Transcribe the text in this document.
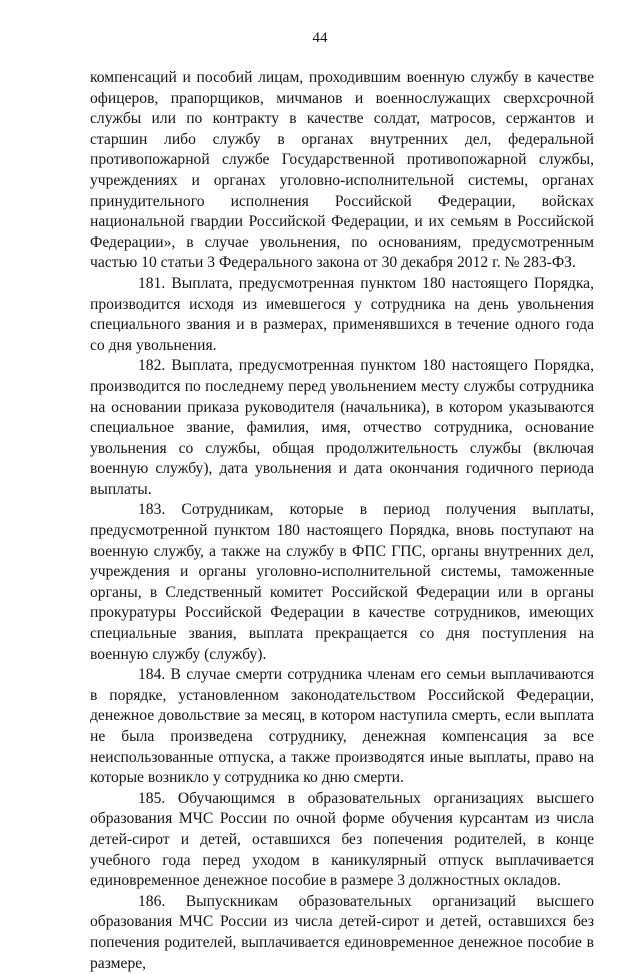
44

компенсаций и пособий лицам, проходившим военную службу в качестве офицеров, прапорщиков, мичманов и военнослужащих сверхсрочной службы или по контракту в качестве солдат, матросов, сержантов и старшин либо службу в органах внутренних дел, федеральной противопожарной службе Государственной противопожарной службы, учреждениях и органах уголовно-исполнительной системы, органах принудительного исполнения Российской Федерации, войсках национальной гвардии Российской Федерации, и их семьям в Российской Федерации», в случае увольнения, по основаниям, предусмотренным частью 10 статьи 3 Федерального закона от 30 декабря 2012 г. № 283-ФЗ.

181. Выплата, предусмотренная пунктом 180 настоящего Порядка, производится исходя из имевшегося у сотрудника на день увольнения специального звания и в размерах, применявшихся в течение одного года со дня увольнения.

182. Выплата, предусмотренная пунктом 180 настоящего Порядка, производится по последнему перед увольнением месту службы сотрудника на основании приказа руководителя (начальника), в котором указываются специальное звание, фамилия, имя, отчество сотрудника, основание увольнения со службы, общая продолжительность службы (включая военную службу), дата увольнения и дата окончания годичного периода выплаты.

183. Сотрудникам, которые в период получения выплаты, предусмотренной пунктом 180 настоящего Порядка, вновь поступают на военную службу, а также на службу в ФПС ГПС, органы внутренних дел, учреждения и органы уголовно-исполнительной системы, таможенные органы, в Следственный комитет Российской Федерации или в органы прокуратуры Российской Федерации в качестве сотрудников, имеющих специальные звания, выплата прекращается со дня поступления на военную службу (службу).

184. В случае смерти сотрудника членам его семьи выплачиваются в порядке, установленном законодательством Российской Федерации, денежное довольствие за месяц, в котором наступила смерть, если выплата не была произведена сотруднику, денежная компенсация за все неиспользованные отпуска, а также производятся иные выплаты, право на которые возникло у сотрудника ко дню смерти.

185. Обучающимся в образовательных организациях высшего образования МЧС России по очной форме обучения курсантам из числа детей-сирот и детей, оставшихся без попечения родителей, в конце учебного года перед уходом в каникулярный отпуск выплачивается единовременное денежное пособие в размере 3 должностных окладов.

186. Выпускникам образовательных организаций высшего образования МЧС России из числа детей-сирот и детей, оставшихся без попечения родителей, выплачивается единовременное денежное пособие в размере,
